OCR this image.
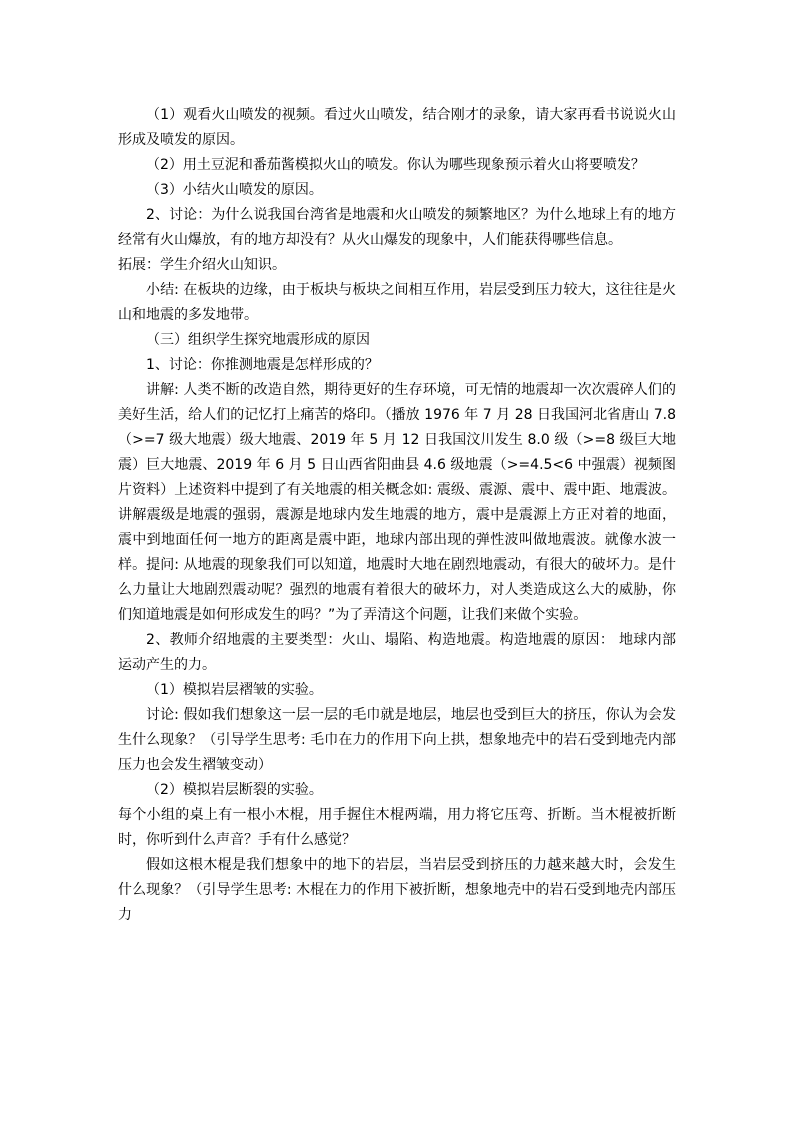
（1）观看火山喷发的视频。看过火山喷发，结合刚才的录象，请大家再看书说说火山形成及喷发的原因。

（2）用土豆泥和番茄酱模拟火山的喷发。你认为哪些现象预示着火山将要喷发？

（3）小结火山喷发的原因。

2、讨论：为什么说我国台湾省是地震和火山喷发的频繁地区？为什么地球上有的地方经常有火山爆放，有的地方却没有？从火山爆发的现象中，人们能获得哪些信息。

拓展：学生介绍火山知识。

小结: 在板块的边缘，由于板块与板块之间相互作用，岩层受到压力较大，这往往是火山和地震的多发地带。

（三）组织学生探究地震形成的原因

1、讨论：你推测地震是怎样形成的？

讲解: 人类不断的改造自然，期待更好的生存环境，可无情的地震却一次次震碎人们的美好生活，给人们的记忆打上痛苦的烙印。（播放 1976 年 7 月 28 日我国河北省唐山 7.8（>=7 级大地震）级大地震、2019 年 5 月 12 日我国汶川发生 8.0 级（>=8 级巨大地震）巨大地震、2019 年 6 月 5 日山西省阳曲县 4.6 级地震（>=4.5<6 中强震）视频图片资料）上述资料中提到了有关地震的相关概念如: 震级、震源、震中、震中距、地震波。讲解震级是地震的强弱，震源是地球内发生地震的地方，震中是震源上方正对着的地面，震中到地面任何一地方的距离是震中距，地球内部出现的弹性波叫做地震波。就像水波一样。提问: 从地震的现象我们可以知道，地震时大地在剧烈地震动，有很大的破坏力。是什么力量让大地剧烈震动呢？强烈的地震有着很大的破坏力，对人类造成这么大的威胁，你们知道地震是如何形成发生的吗？”为了弄清这个问题，让我们来做个实验。

2、教师介绍地震的主要类型：火山、塌陷、构造地震。构造地震的原因： 地球内部运动产生的力。

（1）模拟岩层褶皱的实验。

讨论: 假如我们想象这一层一层的毛巾就是地层，地层也受到巨大的挤压，你认为会发生什么现象？（引导学生思考: 毛巾在力的作用下向上拱，想象地壳中的岩石受到地壳内部压力也会发生褶皱变动）

（2）模拟岩层断裂的实验。

每个小组的桌上有一根小木棍，用手握住木棍两端，用力将它压弯、折断。当木棍被折断时，你听到什么声音？手有什么感觉？

假如这根木棍是我们想象中的地下的岩层，当岩层受到挤压的力越来越大时，会发生什么现象？（引导学生思考: 木棍在力的作用下被折断，想象地壳中的岩石受到地壳内部压力
